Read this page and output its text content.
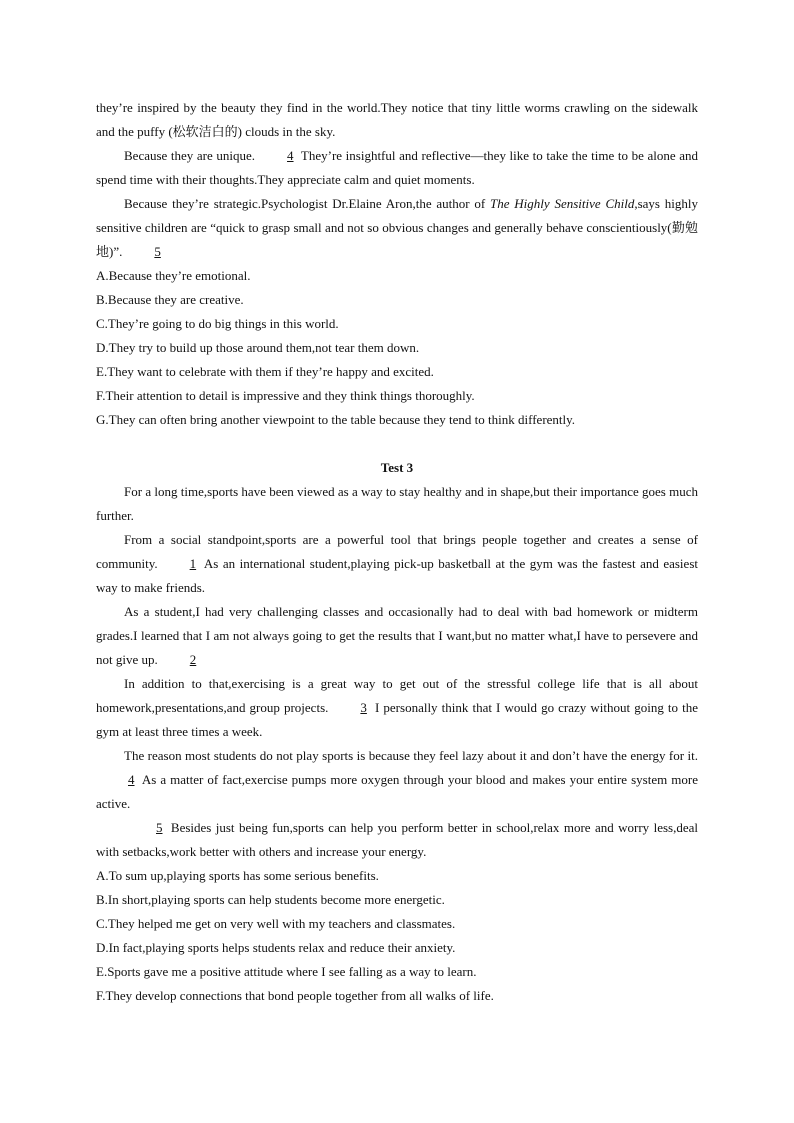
they’re inspired by the beauty they find in the world.They notice that tiny little worms crawling on the sidewalk and the puffy (松软洁白的) clouds in the sky.

Because they are unique. 4 They’re insightful and reflective—they like to take the time to be alone and spend time with their thoughts.They appreciate calm and quiet moments.

Because they’re strategic.Psychologist Dr.Elaine Aron,the author of The Highly Sensitive Child,says highly sensitive children are “quick to grasp small and not so obvious changes and generally behave conscientiously(勤勉地)”. 5

A.Because they’re emotional.

B.Because they are creative.

C.They’re going to do big things in this world.

D.They try to build up those around them,not tear them down.

E.They want to celebrate with them if they’re happy and excited.

F.Their attention to detail is impressive and they think things thoroughly.

G.They can often bring another viewpoint to the table because they tend to think differently.

Test 3

For a long time,sports have been viewed as a way to stay healthy and in shape,but their importance goes much further.

From a social standpoint,sports are a powerful tool that brings people together and creates a sense of community. 1 As an international student,playing pick-up basketball at the gym was the fastest and easiest way to make friends.

As a student,I had very challenging classes and occasionally had to deal with bad homework or midterm grades.I learned that I am not always going to get the results that I want,but no matter what,I have to persevere and not give up. 2

In addition to that,exercising is a great way to get out of the stressful college life that is all about homework,presentations,and group projects. 3 I personally think that I would go crazy without going to the gym at least three times a week.

The reason most students do not play sports is because they feel lazy about it and don’t have the energy for it.4 As a matter of fact,exercise pumps more oxygen through your blood and makes your entire system more active.

5 Besides just being fun,sports can help you perform better in school,relax more and worry less,deal with setbacks,work better with others and increase your energy.

A.To sum up,playing sports has some serious benefits.

B.In short,playing sports can help students become more energetic.

C.They helped me get on very well with my teachers and classmates.

D.In fact,playing sports helps students relax and reduce their anxiety.

E.Sports gave me a positive attitude where I see falling as a way to learn.

F.They develop connections that bond people together from all walks of life.
